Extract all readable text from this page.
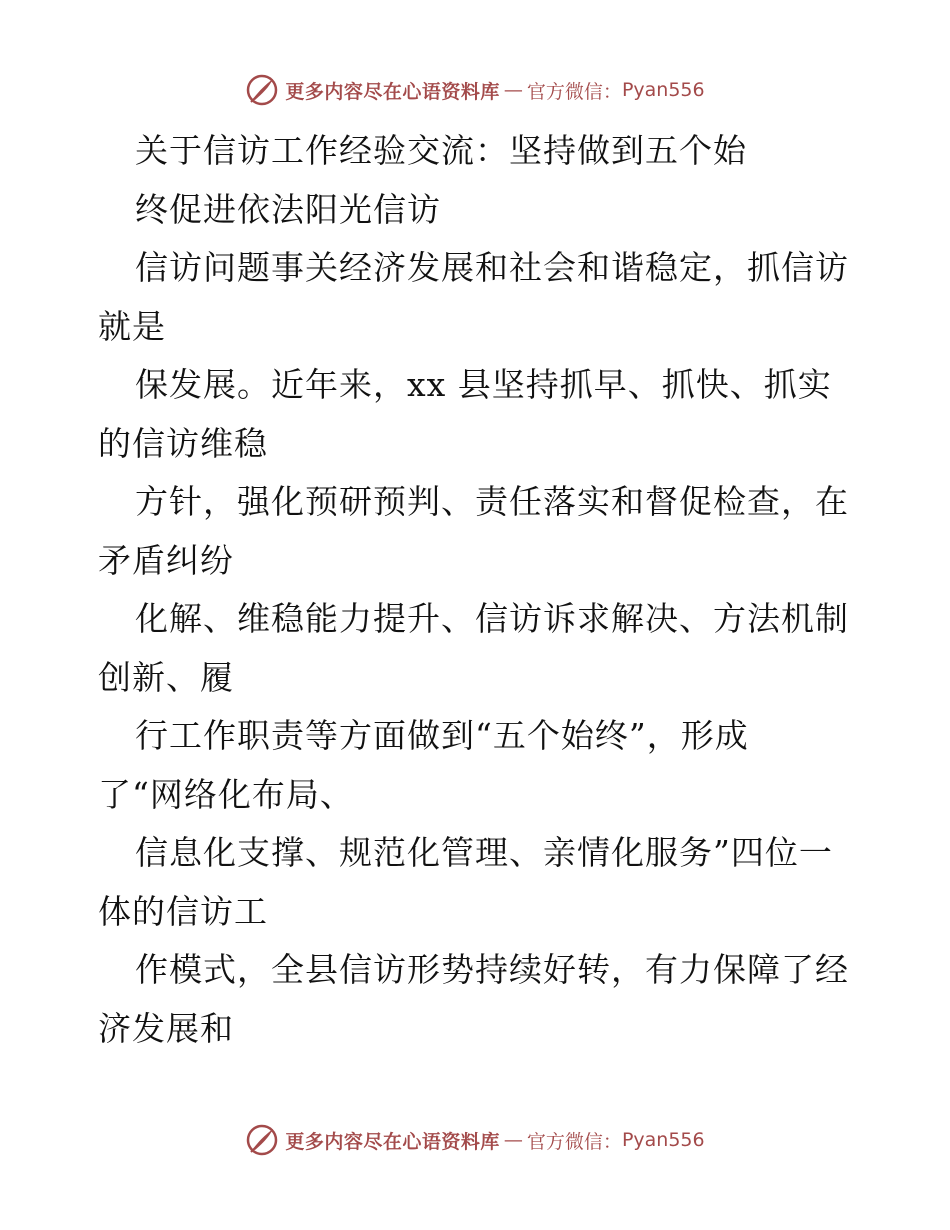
更多内容尽在心语资料库 — 官方微信： Pyan556
关于信访工作经验交流：坚持做到五个始
终促进依法阳光信访
信访问题事关经济发展和社会和谐稳定，抓信访
就是
保发展。近年来，xx 县坚持抓早、抓快、抓实
的信访维稳
方针，强化预研预判、责任落实和督促检查，在
矛盾纠纷
化解、维稳能力提升、信访诉求解决、方法机制
创新、履
行工作职责等方面做到“五个始终”，形成
了“网络化布局、
信息化支撑、规范化管理、亲情化服务”四位一
体的信访工
作模式，全县信访形势持续好转，有力保障了经
济发展和
更多内容尽在心语资料库 — 官方微信： Pyan556
